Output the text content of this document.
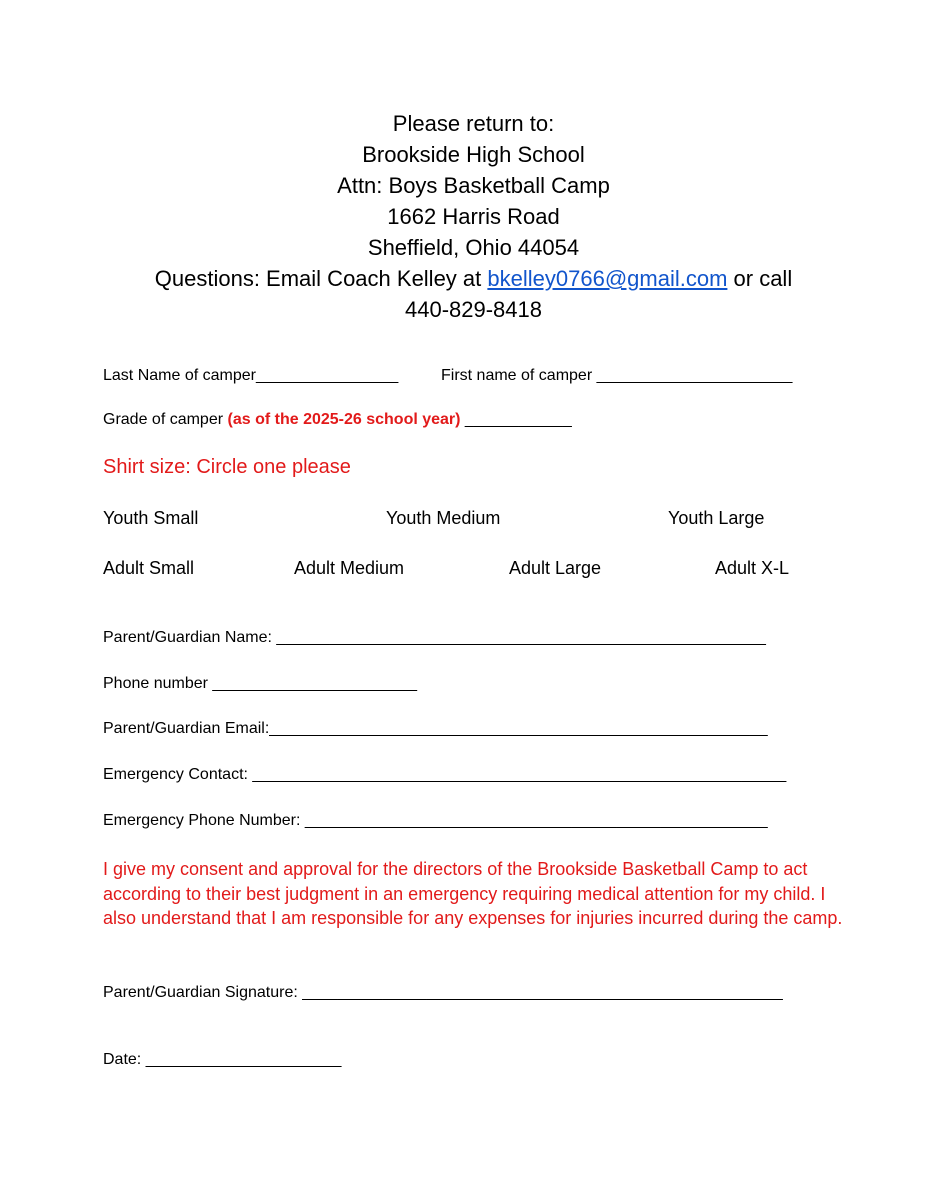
Please return to:
Brookside High School
Attn: Boys Basketball Camp
1662 Harris Road
Sheffield, Ohio 44054
Questions: Email Coach Kelley at bkelley0766@gmail.com or call
440-829-8418
Last Name of camper________________	First name of camper ______________________
Grade of camper (as of the 2025-26 school year) ____________
Shirt size: Circle one please
Youth Small	Youth Medium	Youth Large
Adult Small	Adult Medium	Adult Large	Adult X-L
Parent/Guardian Name: _______________________________________________________
Phone number _______________________
Parent/Guardian Email:________________________________________________________
Emergency Contact: ____________________________________________________________
Emergency Phone Number: ____________________________________________________
I give my consent and approval for the directors of the Brookside Basketball Camp to act according to their best judgment in an emergency requiring medical attention for my child. I also understand that I am responsible for any expenses for injuries incurred during the camp.
Parent/Guardian Signature: ______________________________________________________
Date: ______________________
